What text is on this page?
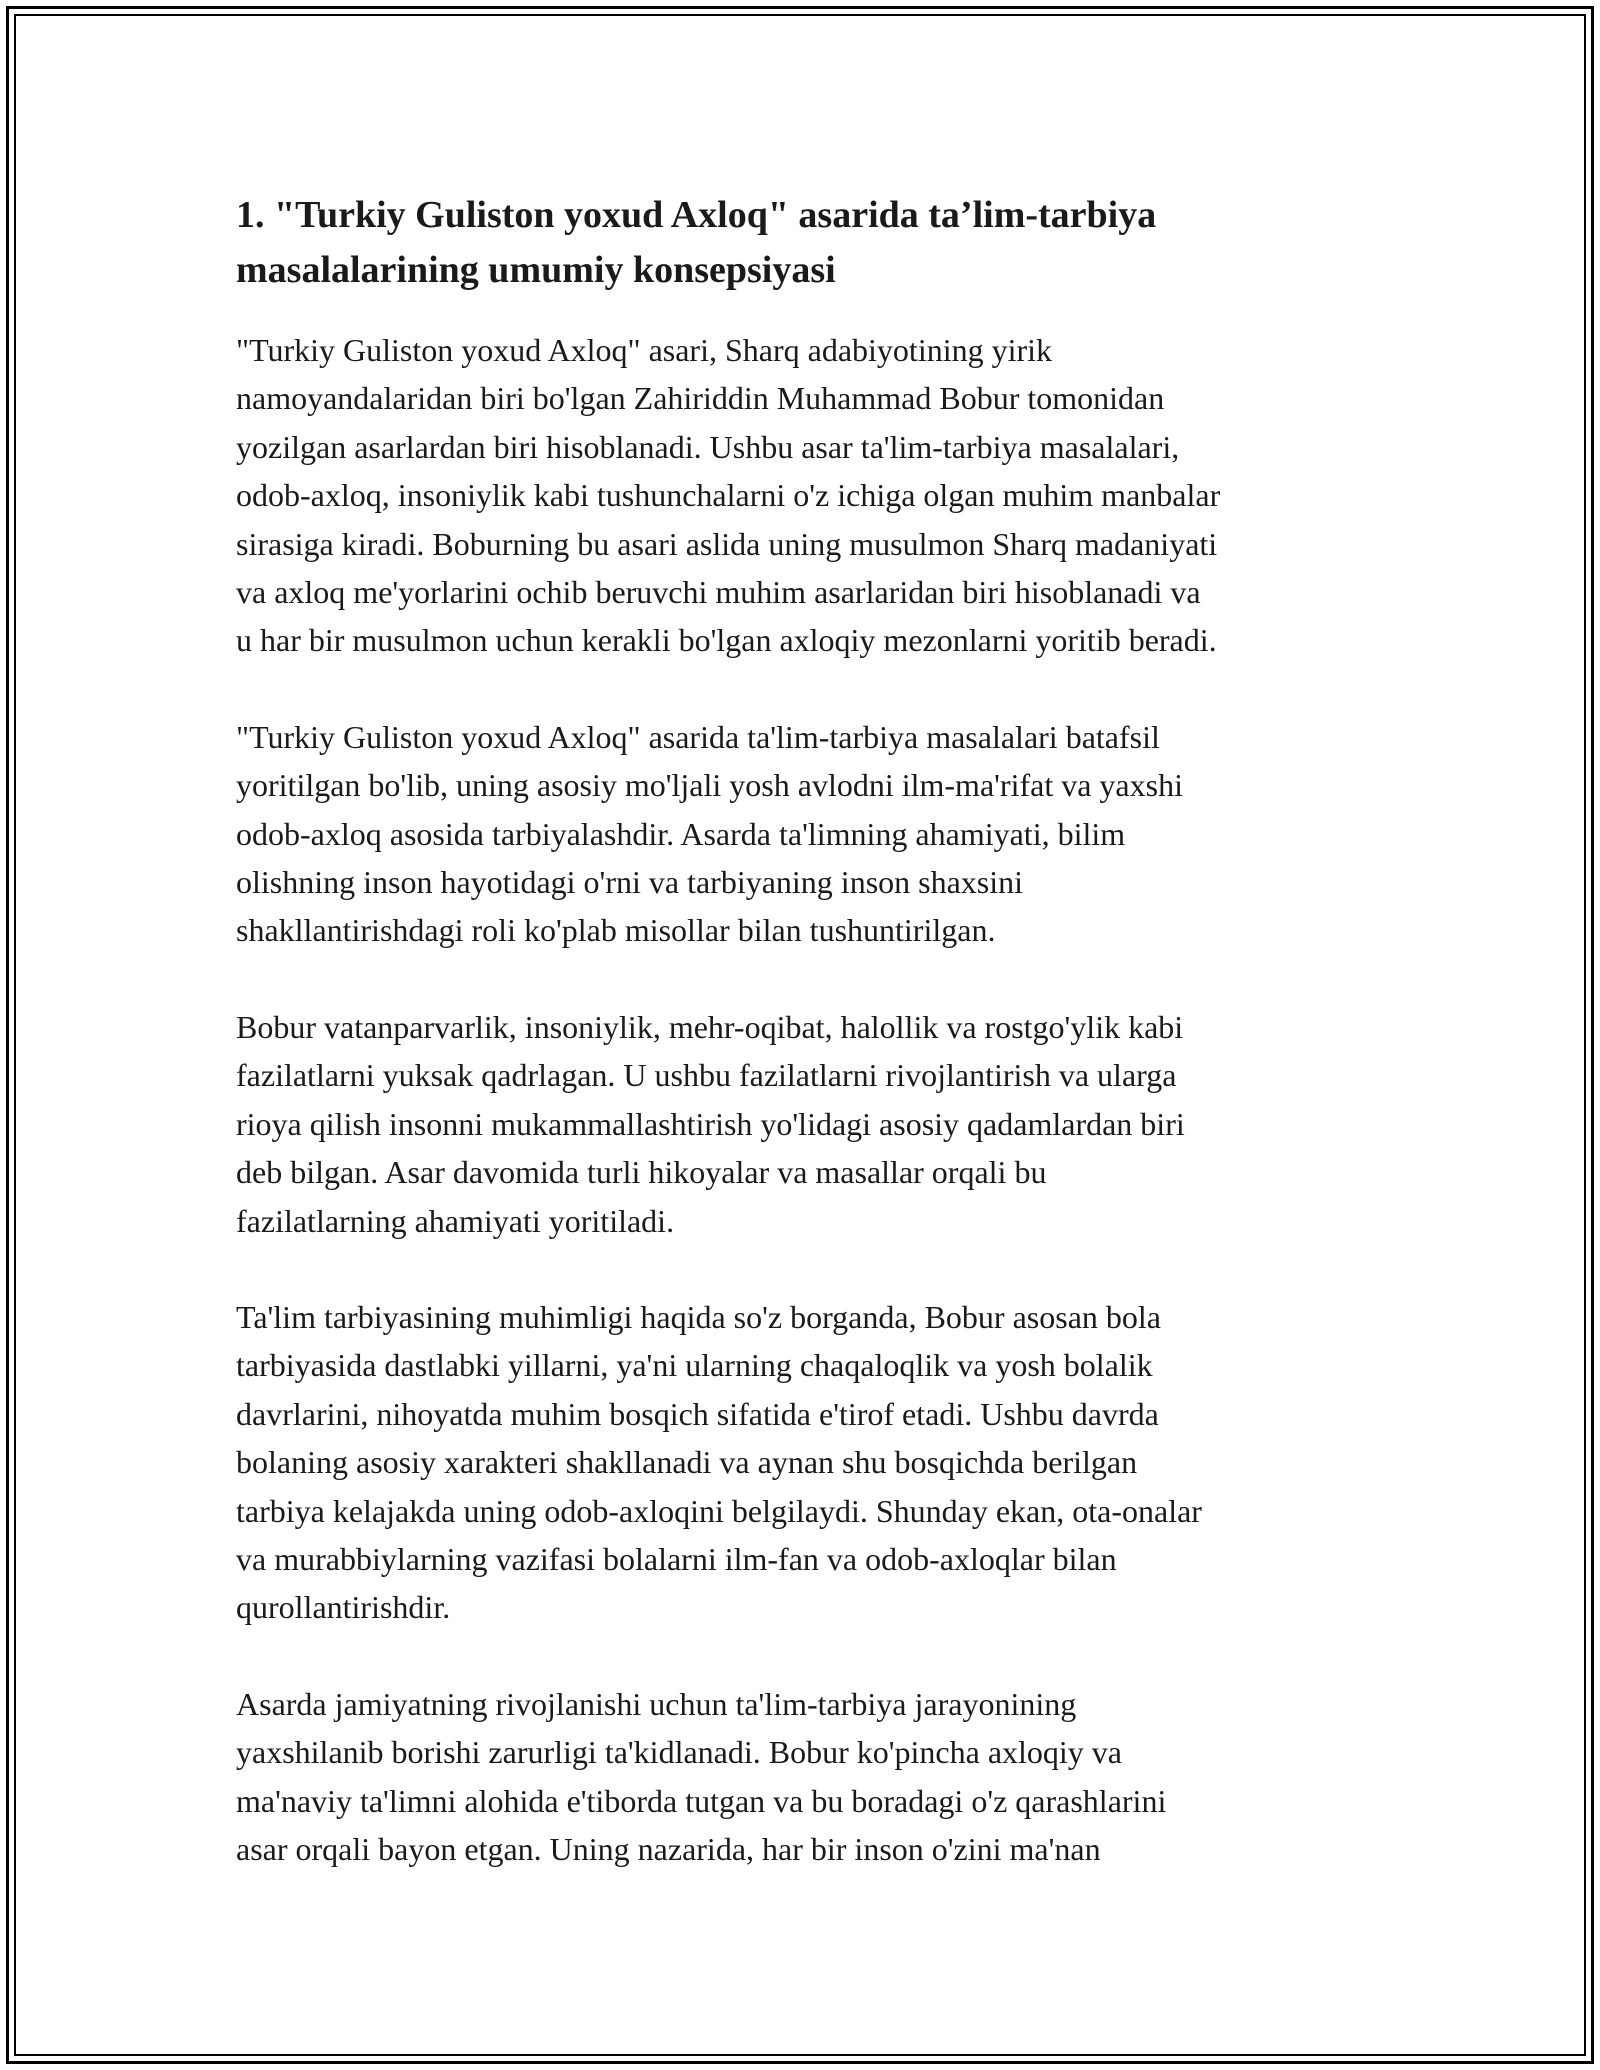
1. "Turkiy Guliston yoxud Axloq" asarida ta’lim-tarbiya
masalalarining umumiy konsepsiyasi

"Turkiy Guliston yoxud Axloq" asari, Sharq adabiyotining yirik
namoyandalaridan biri bo'lgan Zahiriddin Muhammad Bobur tomonidan
yozilgan asarlardan biri hisoblanadi. Ushbu asar ta'lim-tarbiya masalalari,
odob-axloq, insoniylik kabi tushunchalarni o'z ichiga olgan muhim manbalar
sirasiga kiradi. Boburning bu asari aslida uning musulmon Sharq madaniyati
va axloq me'yorlarini ochib beruvchi muhim asarlaridan biri hisoblanadi va
u har bir musulmon uchun kerakli bo'lgan axloqiy mezonlarni yoritib beradi.

"Turkiy Guliston yoxud Axloq" asarida ta'lim-tarbiya masalalari batafsil
yoritilgan bo'lib, uning asosiy mo'ljali yosh avlodni ilm-ma'rifat va yaxshi
odob-axloq asosida tarbiyalashdir. Asarda ta'limning ahamiyati, bilim
olishning inson hayotidagi o'rni va tarbiyaning inson shaxsini
shakllantirishdagi roli ko'plab misollar bilan tushuntirilgan.

Bobur vatanparvarlik, insoniylik, mehr-oqibat, halollik va rostgo'ylik kabi
fazilatlarni yuksak qadrlagan. U ushbu fazilatlarni rivojlantirish va ularga
rioya qilish insonni mukammallashtirish yo'lidagi asosiy qadamlardan biri
deb bilgan. Asar davomida turli hikoyalar va masallar orqali bu
fazilatlarning ahamiyati yoritiladi.

Ta'lim tarbiyasining muhimligi haqida so'z borganda, Bobur asosan bola
tarbiyasida dastlabki yillarni, ya'ni ularning chaqaloqlik va yosh bolalik
davrlarini, nihoyatda muhim bosqich sifatida e'tirof etadi. Ushbu davrda
bolaning asosiy xarakteri shakllanadi va aynan shu bosqichda berilgan
tarbiya kelajakda uning odob-axloqini belgilaydi. Shunday ekan, ota-onalar
va murabbiylarning vazifasi bolalarni ilm-fan va odob-axloqlar bilan
qurollantirishdir.

Asarda jamiyatning rivojlanishi uchun ta'lim-tarbiya jarayonining
yaxshilanib borishi zarurligi ta'kidlanadi. Bobur ko'pincha axloqiy va
ma'naviy ta'limni alohida e'tiborda tutgan va bu boradagi o'z qarashlarini
asar orqali bayon etgan. Uning nazarida, har bir inson o'zini ma'nan
